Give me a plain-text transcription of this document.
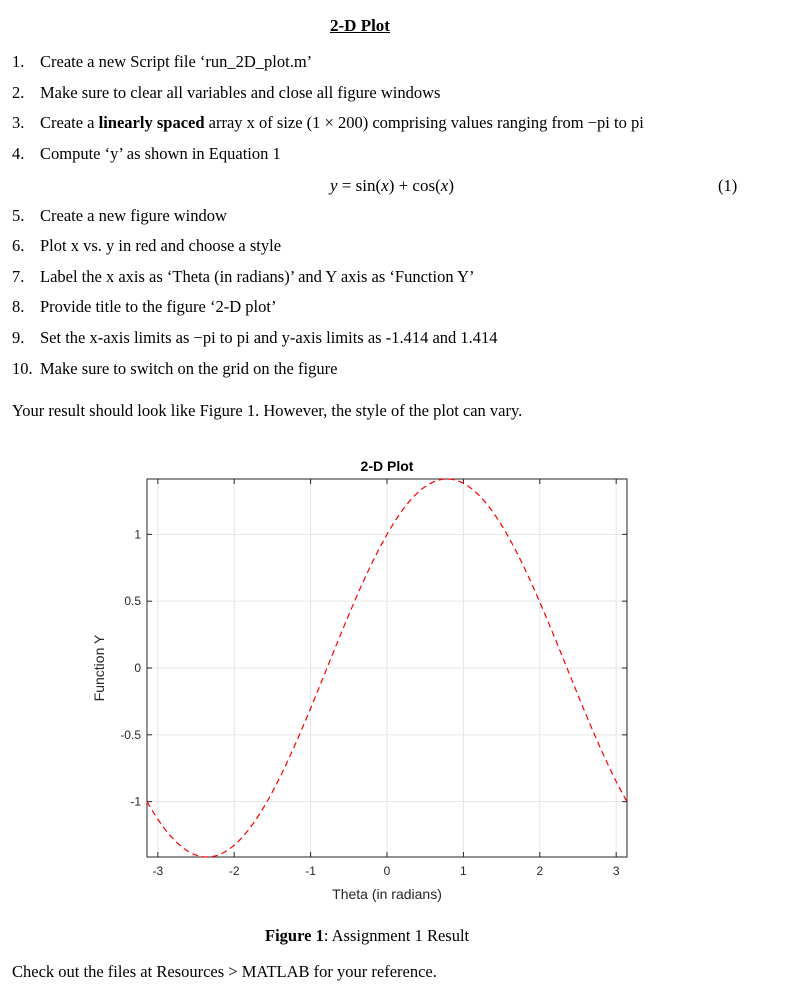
2-D Plot
1. Create a new Script file ‘run_2D_plot.m’
2. Make sure to clear all variables and close all figure windows
3. Create a linearly spaced array x of size (1 × 200) comprising values ranging from −pi to pi
4. Compute ‘y’ as shown in Equation 1
5. Create a new figure window
6. Plot x vs. y in red and choose a style
7. Label the x axis as ‘Theta (in radians)’ and Y axis as ‘Function Y’
8. Provide title to the figure ‘2-D plot’
9. Set the x-axis limits as −pi to pi and y-axis limits as -1.414 and 1.414
10. Make sure to switch on the grid on the figure
y = sin(x) + cos(x)	(1)
Your result should look like Figure 1. However, the style of the plot can vary.
-3	-2	-1	0	1	2	3
-1
-0.5
0
0.5
1
2-D Plot
Theta (in radians)
Function Y
Figure 1: Assignment 1 Result
Check out the files at Resources > MATLAB for your reference.
